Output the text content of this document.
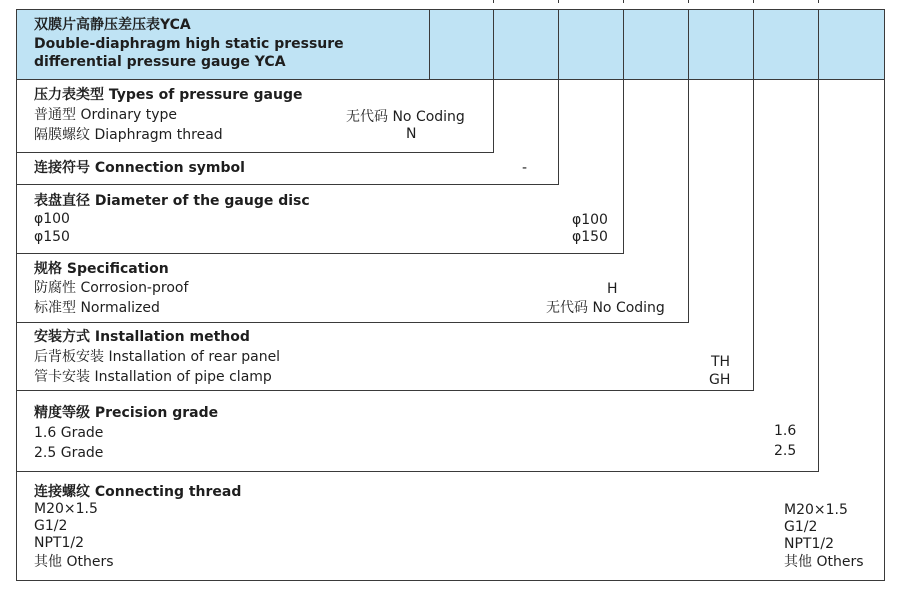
双膜片高静压差压表YCA
Double-diaphragm high static pressure
differential pressure gauge YCA
压力表类型 Types of pressure gauge
普通型 Ordinary type	无代码 No Coding
隔膜螺纹 Diaphragm thread	N
连接符号 Connection symbol	-
表盘直径 Diameter of the gauge disc
φ100	φ100
φ150	φ150
规格 Specification
防腐性 Corrosion-proof	H
标准型 Normalized	无代码 No Coding
安装方式 Installation method
后背板安装 Installation of rear panel	TH
管卡安装 Installation of pipe clamp	GH
精度等级 Precision grade
1.6 Grade	1.6
2.5 Grade	2.5
连接螺纹 Connecting thread
M20×1.5	M20×1.5
G1/2	G1/2
NPT1/2	NPT1/2
其他 Others	其他 Others
